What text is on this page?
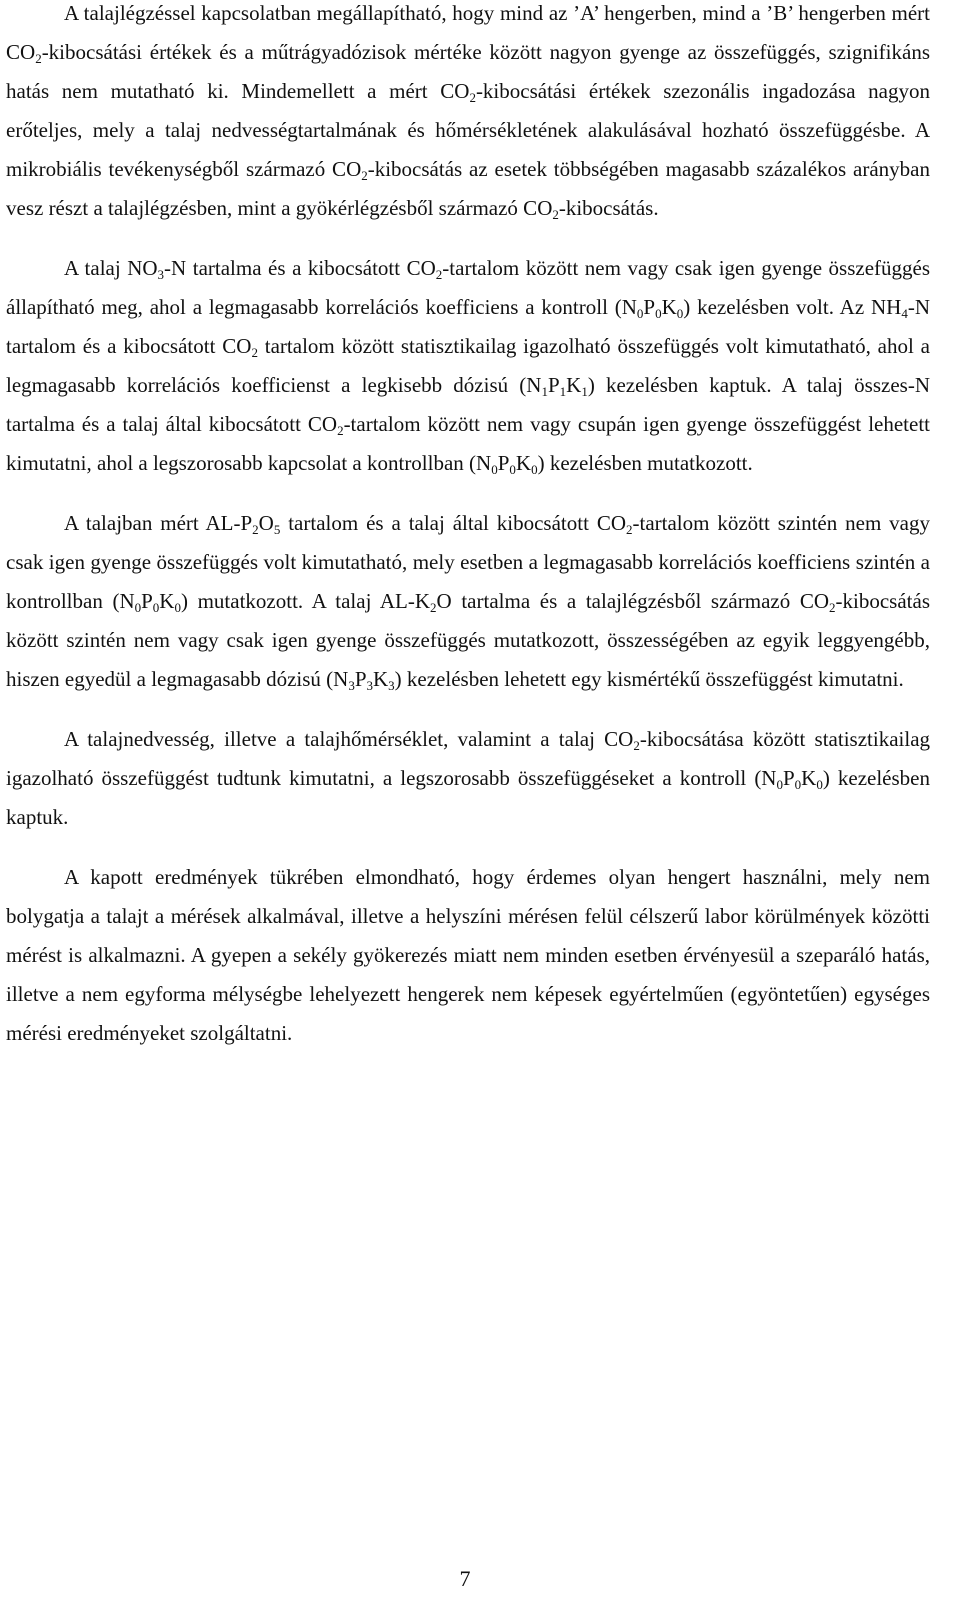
A talajlégzéssel kapcsolatban megállapítható, hogy mind az ’A’ hengerben, mind a ’B’ hengerben mért $CO_2$-kibocsátási értékek és a műtrágyadózisok mértéke között nagyon gyenge az összefüggés, szignifikáns hatás nem mutatható ki. Mindemellett a mért $CO_2$-kibocsátási értékek szezonális ingadozása nagyon erőteljes, mely a talaj nedvességtartalmának és hőmérsékletének alakulásával hozható összefüggésbe. A mikrobiális tevékenységből származó $CO_2$-kibocsátás az esetek többségében magasabb százalékos arányban vesz részt a talajlégzésben, mint a gyökérlégzésből származó $CO_2$-kibocsátás.

A talaj $NO_3-N$ tartalma és a kibocsátott $CO_2$-tartalom között nem vagy csak igen gyenge összefüggés állapítható meg, ahol a legmagasabb korrelációs koefficiens a kontroll $(N_0P_0K_0)$ kezelésben volt. Az $NH_4-N$ tartalom és a kibocsátott $CO_2$ tartalom között statisztikailag igazolható összefüggés volt kimutatható, ahol a legmagasabb korrelációs koefficienst a legkisebb dózisú $(N_1P_1K_1)$ kezelésben kaptuk. A talaj összes-N tartalma és a talaj által kibocsátott $CO_2$-tartalom között nem vagy csupán igen gyenge összefüggést lehetett kimutatni, ahol a legszorosabb kapcsolat a kontrollban $(N_0P_0K_0)$ kezelésben mutatkozott.

A talajban mért $AL-P_2O_5$ tartalom és a talaj által kibocsátott $CO_2$-tartalom között szintén nem vagy csak igen gyenge összefüggés volt kimutatható, mely esetben a legmagasabb korrelációs koefficiens szintén a kontrollban $(N_0P_0K_0)$ mutatkozott. A talaj $AL-K_2O$ tartalma és a talajlégzésből származó $CO_2$-kibocsátás között szintén nem vagy csak igen gyenge összefüggés mutatkozott, összességében az egyik leggyengébb, hiszen egyedül a legmagasabb dózisú $(N_3P_3K_3)$ kezelésben lehetett egy kismértékű összefüggést kimutatni.

A talajnedvesség, illetve a talajhőmérséklet, valamint a talaj $CO_2$-kibocsátása között statisztikailag igazolható összefüggést tudtunk kimutatni, a legszorosabb összefüggéseket a kontroll $(N_0P_0K_0)$ kezelésben kaptuk.

A kapott eredmények tükrében elmondható, hogy érdemes olyan hengert használni, mely nem bolygatja a talajt a mérések alkalmával, illetve a helyszíni mérésen felül célszerű labor körülmények közötti mérést is alkalmazni. A gyepen a sekély gyökerezés miatt nem minden esetben érvényesül a szeparáló hatás, illetve a nem egyforma mélységbe lehelyezett hengerek nem képesek egyértelműen (egyöntetűen) egységes mérési eredményeket szolgáltatni.

7
